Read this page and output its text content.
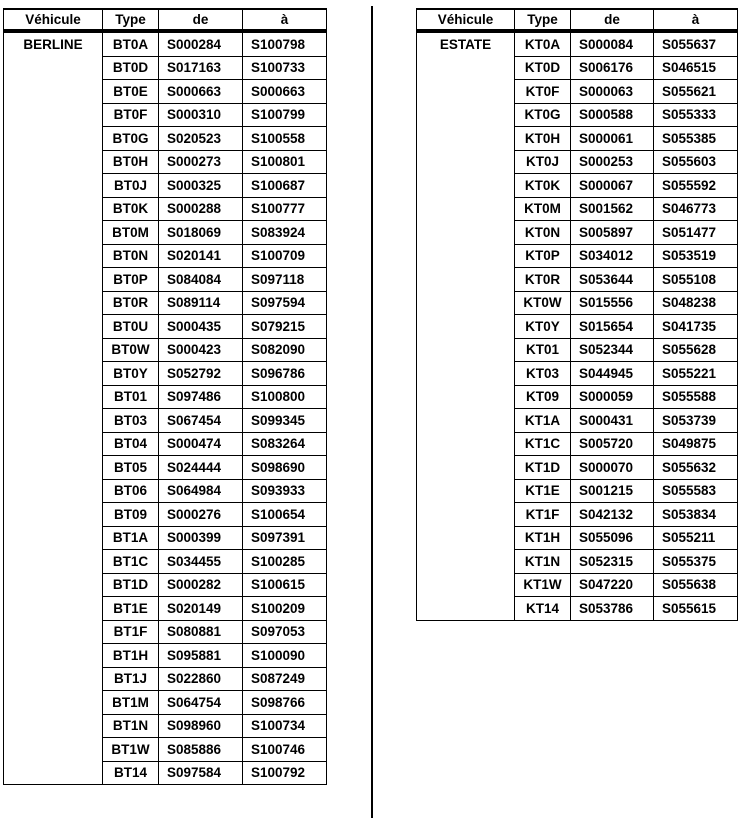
Véhicule	Type	de	à
BERLINE	BT0A	S000284	S100798
	BT0D	S017163	S100733
	BT0E	S000663	S000663
	BT0F	S000310	S100799
	BT0G	S020523	S100558
	BT0H	S000273	S100801
	BT0J	S000325	S100687
	BT0K	S000288	S100777
	BT0M	S018069	S083924
	BT0N	S020141	S100709
	BT0P	S084084	S097118
	BT0R	S089114	S097594
	BT0U	S000435	S079215
	BT0W	S000423	S082090
	BT0Y	S052792	S096786
	BT01	S097486	S100800
	BT03	S067454	S099345
	BT04	S000474	S083264
	BT05	S024444	S098690
	BT06	S064984	S093933
	BT09	S000276	S100654
	BT1A	S000399	S097391
	BT1C	S034455	S100285
	BT1D	S000282	S100615
	BT1E	S020149	S100209
	BT1F	S080881	S097053
	BT1H	S095881	S100090
	BT1J	S022860	S087249
	BT1M	S064754	S098766
	BT1N	S098960	S100734
	BT1W	S085886	S100746
	BT14	S097584	S100792
Véhicule	Type	de	à
ESTATE	KT0A	S000084	S055637
	KT0D	S006176	S046515
	KT0F	S000063	S055621
	KT0G	S000588	S055333
	KT0H	S000061	S055385
	KT0J	S000253	S055603
	KT0K	S000067	S055592
	KT0M	S001562	S046773
	KT0N	S005897	S051477
	KT0P	S034012	S053519
	KT0R	S053644	S055108
	KT0W	S015556	S048238
	KT0Y	S015654	S041735
	KT01	S052344	S055628
	KT03	S044945	S055221
	KT09	S000059	S055588
	KT1A	S000431	S053739
	KT1C	S005720	S049875
	KT1D	S000070	S055632
	KT1E	S001215	S055583
	KT1F	S042132	S053834
	KT1H	S055096	S055211
	KT1N	S052315	S055375
	KT1W	S047220	S055638
	KT14	S053786	S055615
